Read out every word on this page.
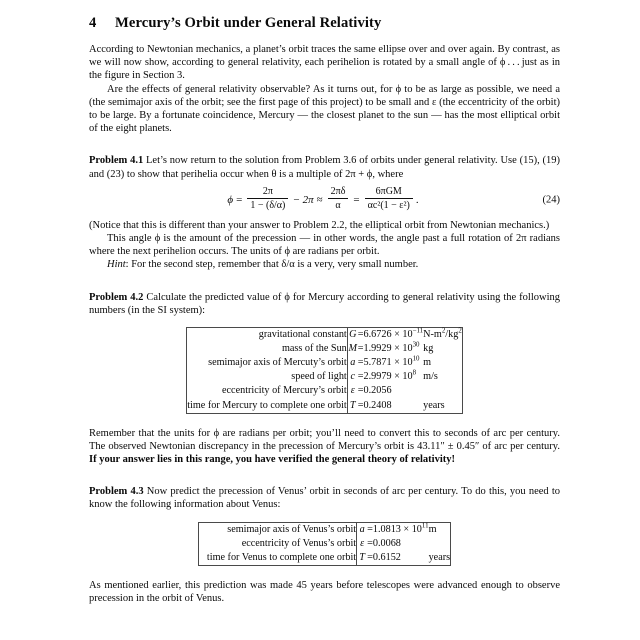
4 Mercury’s Orbit under General Relativity

According to Newtonian mechanics, a planet’s orbit traces the same ellipse over and over again. By contrast, as we will now show, according to general relativity, each perihelion is rotated by a small angle of ϕ . . . just as in the figure in Section 3.

Are the effects of general relativity observable? As it turns out, for ϕ to be as large as possible, we need a (the semimajor axis of the orbit; see the first page of this project) to be small and ε (the eccentricity of the orbit) to be large. By a fortunate coincidence, Mercury — the closest planet to the sun — has the most elliptical orbit of the eight planets.

Problem 4.1 Let’s now return to the solution from Problem 3.6 of orbits under general relativity. Use (15), (19) and (23) to show that perihelia occur when θ is a multiple of 2π + ϕ, where

$\phi = \frac{2\pi}{1 - (\delta/\alpha)} - 2\pi \approx \frac{2\pi\delta}{\alpha} = \frac{\text{6πGM}}{\text{αc²(1 − ε²)}}$ .	(24)

(Notice that this is different than your answer to Problem 2.2, the elliptical orbit from Newtonian mechanics.)

This angle ϕ is the amount of the precession — in other words, the angle past a full rotation of 2π radians where the next perihelion occurs. The units of ϕ are radians per orbit.

Hint: For the second step, remember that δ/α is a very, very small number.

Problem 4.2 Calculate the predicted value of ϕ for Mercury according to general relativity using the following numbers (in the SI system):

gravitational constant	G	=	$6.6726 \times 10^{-11}$	$N-m^2/kg^2$
mass of the Sun	M	=	$1.9929 \times 10^{30}$	kg
semimajor axis of Mercuty’s orbit	a	=	$5.7871 \times 10^{10}$	m
speed of light	c	=	$2.9979 \times 10^8$	m/s
eccentricity of Mercury’s orbit	ε	=	0.2056	
time for Mercury to complete one orbit	T	=	0.2408	years

Remember that the units for ϕ are radians per orbit; you’ll need to convert this to seconds of arc per century. The observed Newtonian discrepancy in the precession of Mercury’s orbit is 43.11″ ± 0.45″ of arc per century. If your answer lies in this range, you have verified the general theory of relativity!

Problem 4.3 Now predict the precession of Venus’ orbit in seconds of arc per century. To do this, you need to know the following information about Venus:

semimajor axis of Venus’s orbit	a	=	$1.0813 \times 10^{11}$	m
eccentricity of Venus’s orbit	ε	=	0.0068	
time for Venus to complete one orbit	T	=	0.6152	years

As mentioned earlier, this prediction was made 45 years before telescopes were advanced enough to observe precession in the orbit of Venus.
